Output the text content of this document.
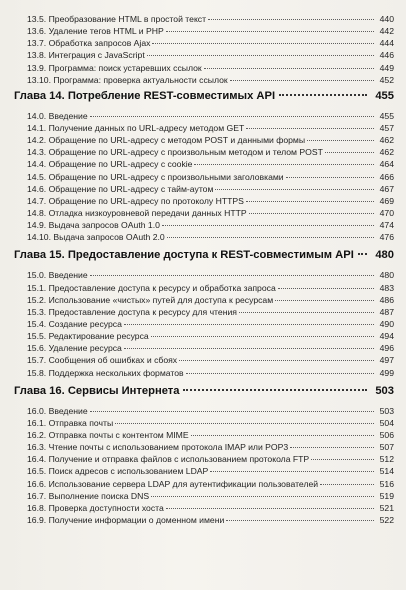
13.5. Преобразование HTML в простой текст	440
13.6. Удаление тегов HTML и PHP	442
13.7. Обработка запросов Ajax	444
13.8. Интеграция с JavaScript	446
13.9. Программа: поиск устаревших ссылок	449
13.10. Программа: проверка актуальности ссылок	452
Глава 14. Потребление REST-совместимых API	455
14.0. Введение	455
14.1. Получение данных по URL-адресу методом GET	457
14.2. Обращение по URL-адресу с методом POST и данными формы	462
14.3. Обращение по URL-адресу с произвольным методом и телом POST	462
14.4. Обращение по URL-адресу с cookie	464
14.5. Обращение по URL-адресу с произвольными заголовками	466
14.6. Обращение по URL-адресу с тайм-аутом	467
14.7. Обращение по URL-адресу по протоколу HTTPS	469
14.8. Отладка низкоуровневой передачи данных HTTP	470
14.9. Выдача запросов OAuth 1.0	474
14.10. Выдача запросов OAuth 2.0	476
Глава 15. Предоставление доступа к REST-совместимым API	480
15.0. Введение	480
15.1. Предоставление доступа к ресурсу и обработка запроса	483
15.2. Использование «чистых» путей для доступа к ресурсам	486
15.3. Предоставление доступа к ресурсу для чтения	487
15.4. Создание ресурса	490
15.5. Редактирование ресурса	494
15.6. Удаление ресурса	496
15.7. Сообщения об ошибках и сбоях	497
15.8. Поддержка нескольких форматов	499
Глава 16. Сервисы Интернета	503
16.0. Введение	503
16.1. Отправка почты	504
16.2. Отправка почты с контентом MIME	506
16.3. Чтение почты с использованием протокола IMAP или POP3	507
16.4. Получение и отправка файлов с использованием протокола FTP	512
16.5. Поиск адресов с использованием LDAP	514
16.6. Использование сервера LDAP для аутентификации пользователей	516
16.7. Выполнение поиска DNS	519
16.8. Проверка доступности хоста	521
16.9. Получение информации о доменном имени	522
